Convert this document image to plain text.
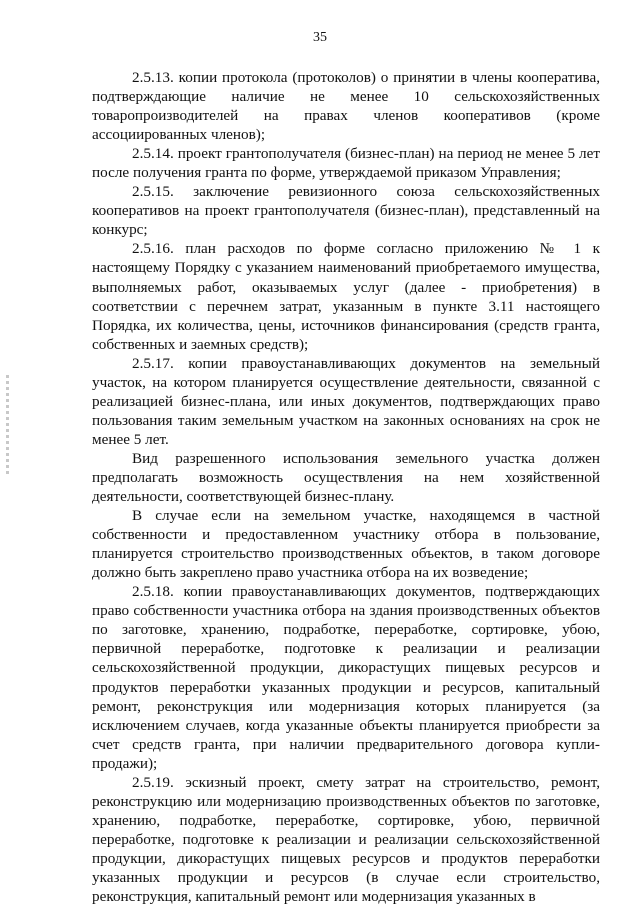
35

2.5.13. копии протокола (протоколов) о принятии в члены кооператива, подтверждающие наличие не менее 10 сельскохозяйственных товаропроизводителей на правах членов кооперативов (кроме ассоциированных членов);

2.5.14. проект грантополучателя (бизнес-план) на период не менее 5 лет после получения гранта по форме, утверждаемой приказом Управления;

2.5.15. заключение ревизионного союза сельскохозяйственных кооперативов на проект грантополучателя (бизнес-план), представленный на конкурс;

2.5.16. план расходов по форме согласно приложению № 1 к настоящему Порядку с указанием наименований приобретаемого имущества, выполняемых работ, оказываемых услуг (далее - приобретения) в соответствии с перечнем затрат, указанным в пункте 3.11 настоящего Порядка, их количества, цены, источников финансирования (средств гранта, собственных и заемных средств);

2.5.17. копии правоустанавливающих документов на земельный участок, на котором планируется осуществление деятельности, связанной с реализацией бизнес-плана, или иных документов, подтверждающих право пользования таким земельным участком на законных основаниях на срок не менее 5 лет.

Вид разрешенного использования земельного участка должен предполагать возможность осуществления на нем хозяйственной деятельности, соответствующей бизнес-плану.

В случае если на земельном участке, находящемся в частной собственности и предоставленном участнику отбора в пользование, планируется строительство производственных объектов, в таком договоре должно быть закреплено право участника отбора на их возведение;

2.5.18. копии правоустанавливающих документов, подтверждающих право собственности участника отбора на здания производственных объектов по заготовке, хранению, подработке, переработке, сортировке, убою, первичной переработке, подготовке к реализации и реализации сельскохозяйственной продукции, дикорастущих пищевых ресурсов и продуктов переработки указанных продукции и ресурсов, капитальный ремонт, реконструкция или модернизация которых планируется (за исключением случаев, когда указанные объекты планируется приобрести за счет средств гранта, при наличии предварительного договора купли-продажи);

2.5.19. эскизный проект, смету затрат на строительство, ремонт, реконструкцию или модернизацию производственных объектов по заготовке, хранению, подработке, переработке, сортировке, убою, первичной переработке, подготовке к реализации и реализации сельскохозяйственной продукции, дикорастущих пищевых ресурсов и продуктов переработки указанных продукции и ресурсов (в случае если строительство, реконструкция, капитальный ремонт или модернизация указанных в
